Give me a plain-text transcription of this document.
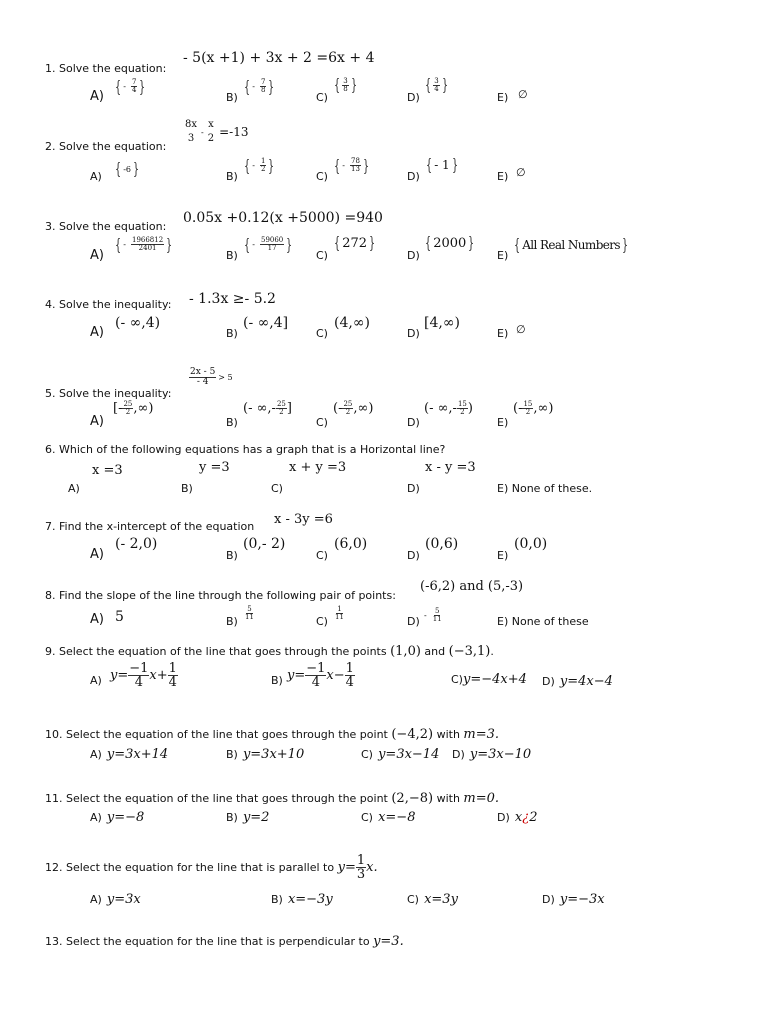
1. Solve the equation:
- 5(x +1) + 3x + 2 =6x + 4
A)
{ -
$\frac{7}{4}$ }
B)
{ -
$\frac{7}{8}$ }
C)
{ $\frac{3}{8}$ }
D)
{ $\frac{3}{4}$ }
E) ∅
2. Solve the equation:
8x
3
-
x
2 =-13
A) { -6 }	B)
{ -
$\frac{1}{2}$ }
C)
{ -
$\frac{78}{13}$ }
D)
{ - 1 }
E) ∅
3. Solve the equation:
0.05x +0.12(x +5000) =940
A)
{ -
$\frac{1966812}{2401}$ }
B)
{ -
$\frac{59060}{17}$ }
C)
{ 272 }
D)
{ 2000 }
E)
{ All Real Numbers }
4. Solve the inequality: - 1.3x ≥- 5.2
A)
(- ∞,4)
B)
(- ∞,4]
C)
(4,∞)
D)
[4,∞)
E) ∅
5. Solve the inequality:
$\frac{2x - 5}{- 4} > 5$
A)
[- $\frac{25}{2}$ ,∞)
B)
(- ∞,- $\frac{25}{2}$ ]
C)
(- $\frac{25}{2}$ ,∞)
D)
(- ∞,- $\frac{15}{2}$ )
E)
(- $\frac{15}{2}$ ,∞)
6. Which of the following equations has a graph that is a Horizontal line?
x =3	y =3	x + y =3	x - y =3
A)	B)	C)	D)	E) None of these.
7. Find the x-intercept of the equation x - 3y =6
A)
(- 2,0)
B)
(0,- 2)
C)
(6,0)
D)
(0,6)
E)
(0,0)
8. Find the slope of the line through the following pair of points:
(-6,2) and (5,-3)
A) 5	B)
$\frac{5}{11}$
C)
$\frac{1}{11}$
D) -
$\frac{5}{11}$	E) None of these
9. Select the equation of the line that goes through the points
(1,0)
and
(−3,1) .
A) $y= \frac{-1}{4} x+ \frac{1}{4}$	B) $y= \frac{-1}{4} x- \frac{1}{4}$	C) y=−4x+4 D)
y=4x−4
10. Select the equation of the line that goes through the point
(−4,2)
with
m=3.
A)
y=3x+14	B)
y=3x+10	C)
y=3x−14 D)
y=3x−10
11. Select the equation of the line that goes through the point
(2,−8)
with
m=0.
A)
y=−8	B)
y=2	C)
x=−8	D)
x ¿ 2
12. Select the equation for the line that is parallel to
$y= \frac{1}{3} x$.
A)
y=3x	B)
x=−3y	C)
x=3y	D)
y=−3x
13. Select the equation for the line that is perpendicular to
y=3.
